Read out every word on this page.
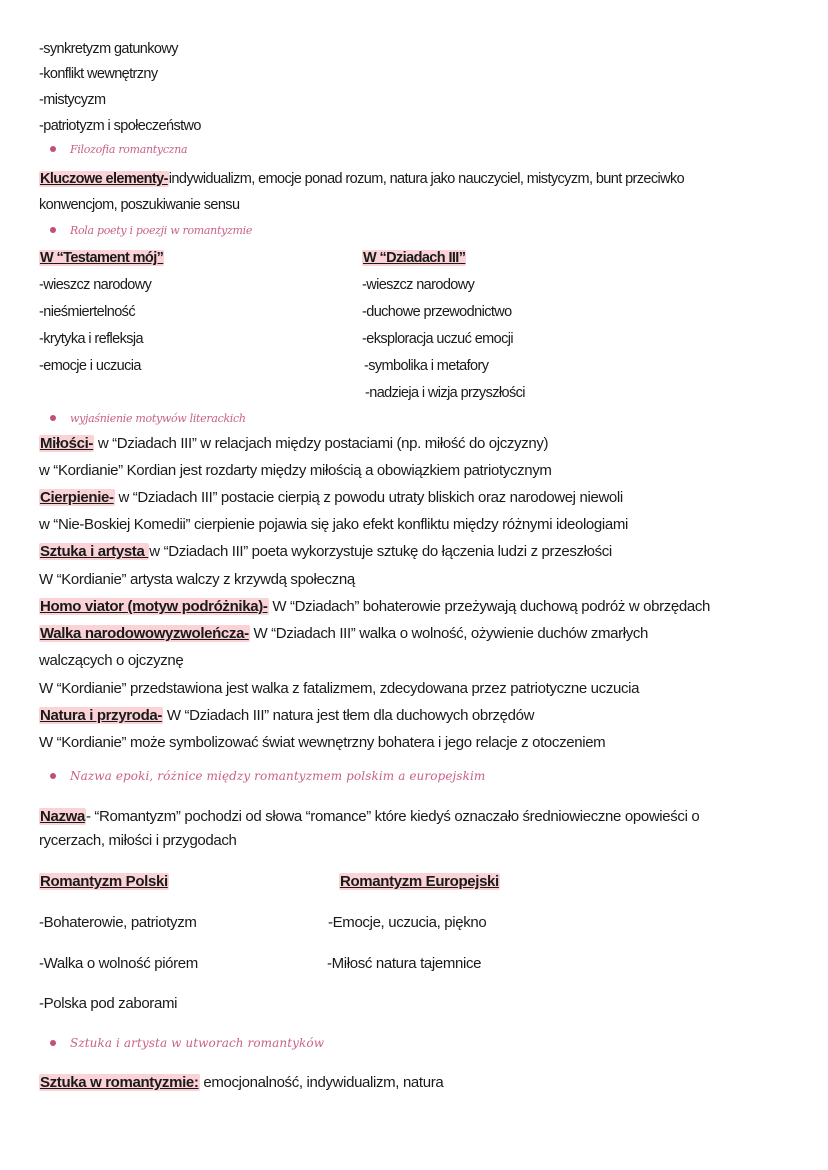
-synkretyzm gatunkowy
-konflikt wewnętrzny
-mistycyzm
-patriotyzm i społeczeństwo
Filozofia romantyczna
Kluczowe elementy-indywidualizm, emocje ponad rozum, natura jako nauczyciel, mistycyzm, bunt przeciwko
konwencjom, poszukiwanie sensu
Rola poety i poezji w romantyzmie
W “Testament mój”	W “Dziadach III”
-wieszcz narodowy
-nieśmiertelność
-krytyka i refleksja
-emocje i uczucia
-wieszcz narodowy
-duchowe przewodnictwo
-eksploracja uczuć emocji
-symbolika i metafory
-nadzieja i wizja przyszłości
wyjaśnienie motywów literackich
Miłości- w “Dziadach III” w relacjach między postaciami (np. miłość do ojczyzny)
w “Kordianie” Kordian jest rozdarty między miłością a obowiązkiem patriotycznym
Cierpienie- w “Dziadach III” postacie cierpią z powodu utraty bliskich oraz narodowej niewoli
w “Nie-Boskiej Komedii” cierpienie pojawia się jako efekt konfliktu między różnymi ideologiami
Sztuka i artysta w “Dziadach III” poeta wykorzystuje sztukę do łączenia ludzi z przeszłości
W “Kordianie” artysta walczy z krzywdą społeczną
Homo viator (motyw podróżnika)- W “Dziadach” bohaterowie przeżywają duchową podróż w obrzędach
Walka narodowowyzwoleńcza- W “Dziadach III” walka o wolność, ożywienie duchów zmarłych
walczących o ojczyznę
W “Kordianie” przedstawiona jest walka z fatalizmem, zdecydowana przez patriotyczne uczucia
Natura i przyroda- W “Dziadach III” natura jest tłem dla duchowych obrzędów
W “Kordianie” może symbolizować świat wewnętrzny bohatera i jego relacje z otoczeniem
Nazwa epoki, różnice między romantyzmem polskim a europejskim
Nazwa- “Romantyzm” pochodzi od słowa “romance” które kiedyś oznaczało średniowieczne opowieści o
rycerzach, miłości i przygodach
Romantyzm Polski	Romantyzm Europejski
-Bohaterowie, patriotyzm
-Walka o wolność piórem
-Polska pod zaborami
-Emocje, uczucia, piękno
-Miłosć natura tajemnice
Sztuka i artysta w utworach romantyków
Sztuka w romantyzmie: emocjonalność, indywidualizm, natura
